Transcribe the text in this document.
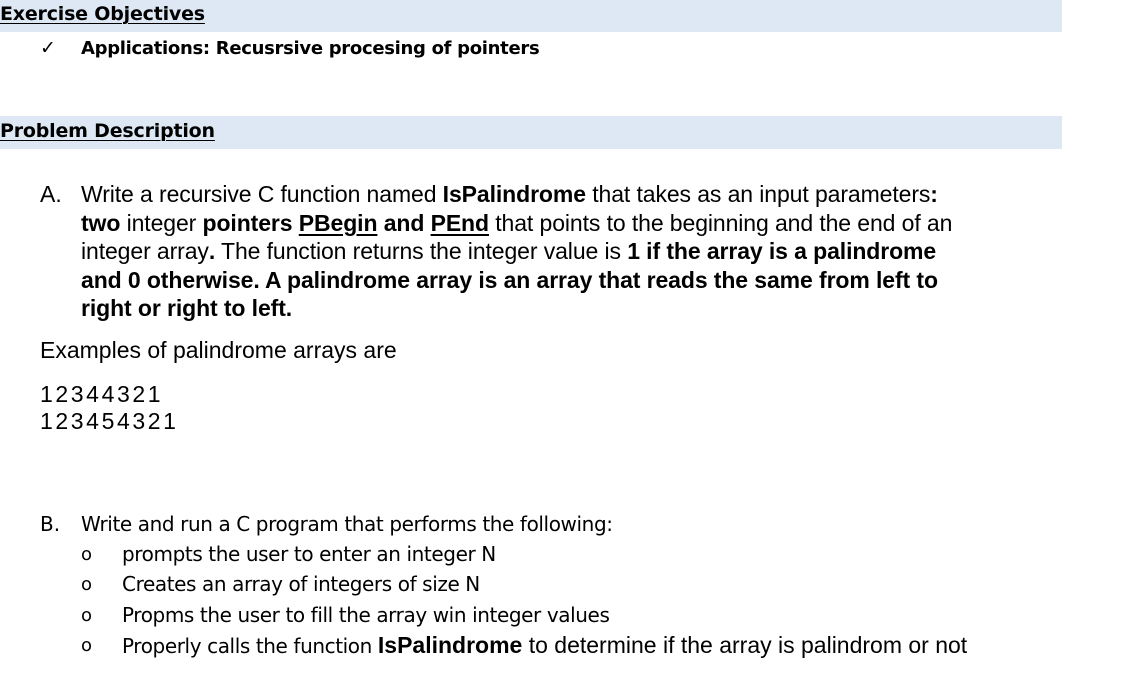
Exercise Objectives
✓	Applications: Recusrsive procesing of pointers
Problem Description
A. Write a recursive C function named IsPalindrome that takes as an input parameters:
two integer pointers PBegin and PEnd that points to the beginning and the end of an
integer array. The function returns the integer value is 1 if the array is a palindrome
and 0 otherwise. A palindrome array is an array that reads the same from left to
right or right to left.
Examples of palindrome arrays are
12344321
123454321
B. Write and run a C program that performs the following:
o	prompts the user to enter an integer N
o	Creates an array of integers of size N
o	Propms the user to fill the array win integer values
o	Properly calls the function IsPalindrome to determine if the array is palindrom or not
